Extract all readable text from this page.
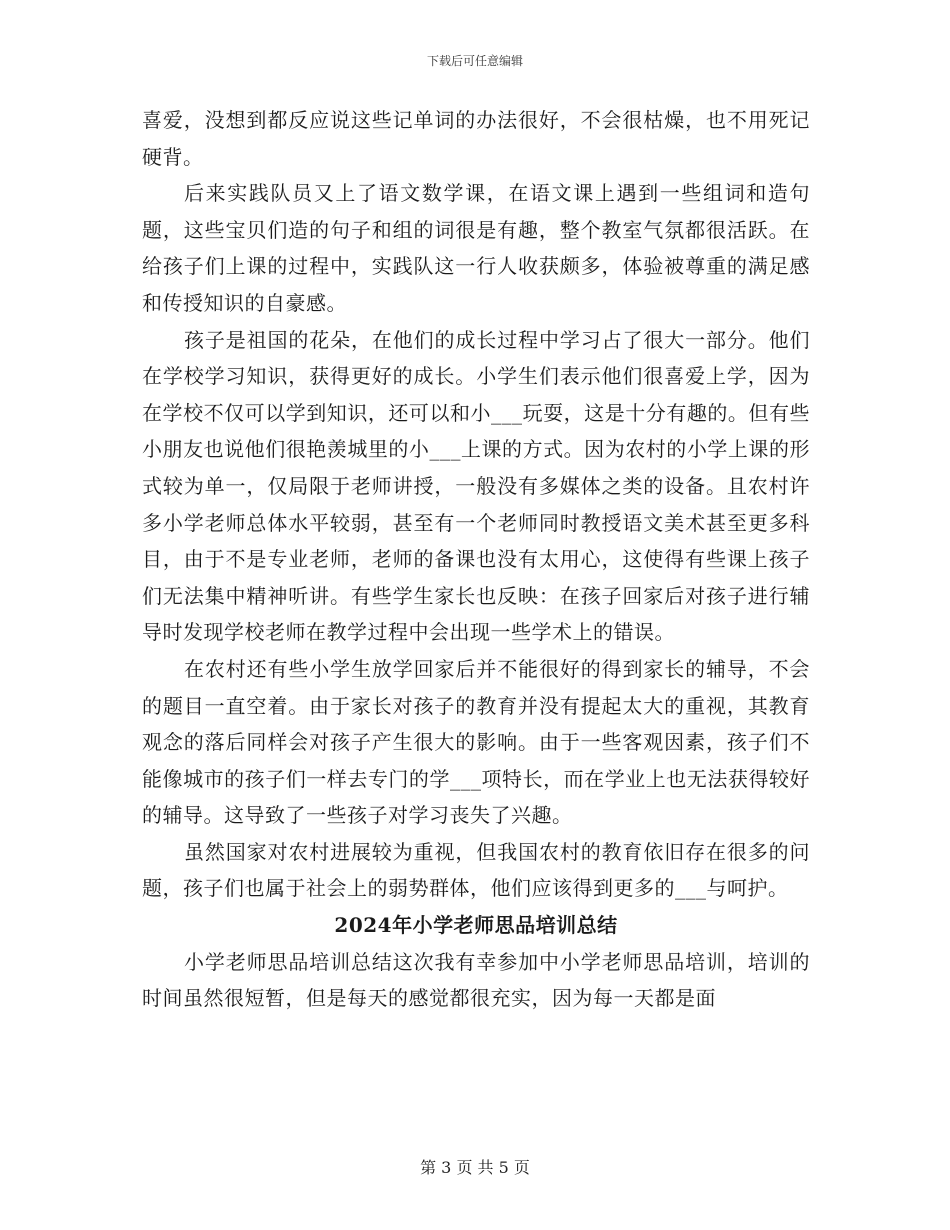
下载后可任意编辑

喜爱，没想到都反应说这些记单词的办法很好，不会很枯燥，也不用死记硬背。

后来实践队员又上了语文数学课，在语文课上遇到一些组词和造句题，这些宝贝们造的句子和组的词很是有趣，整个教室气氛都很活跃。在给孩子们上课的过程中，实践队这一行人收获颇多，体验被尊重的满足感和传授知识的自豪感。

孩子是祖国的花朵，在他们的成长过程中学习占了很大一部分。他们在学校学习知识，获得更好的成长。小学生们表示他们很喜爱上学，因为在学校不仅可以学到知识，还可以和小___玩耍，这是十分有趣的。但有些小朋友也说他们很艳羡城里的小___上课的方式。因为农村的小学上课的形式较为单一，仅局限于老师讲授，一般没有多媒体之类的设备。且农村许多小学老师总体水平较弱，甚至有一个老师同时教授语文美术甚至更多科目，由于不是专业老师，老师的备课也没有太用心，这使得有些课上孩子们无法集中精神听讲。有些学生家长也反映：在孩子回家后对孩子进行辅导时发现学校老师在教学过程中会出现一些学术上的错误。

在农村还有些小学生放学回家后并不能很好的得到家长的辅导，不会的题目一直空着。由于家长对孩子的教育并没有提起太大的重视，其教育观念的落后同样会对孩子产生很大的影响。由于一些客观因素，孩子们不能像城市的孩子们一样去专门的学___项特长，而在学业上也无法获得较好的辅导。这导致了一些孩子对学习丧失了兴趣。

虽然国家对农村进展较为重视，但我国农村的教育依旧存在很多的问题，孩子们也属于社会上的弱势群体，他们应该得到更多的___与呵护。

2024年小学老师思品培训总结

小学老师思品培训总结这次我有幸参加中小学老师思品培训，培训的时间虽然很短暂，但是每天的感觉都很充实，因为每一天都是面

第 3 页 共 5 页
